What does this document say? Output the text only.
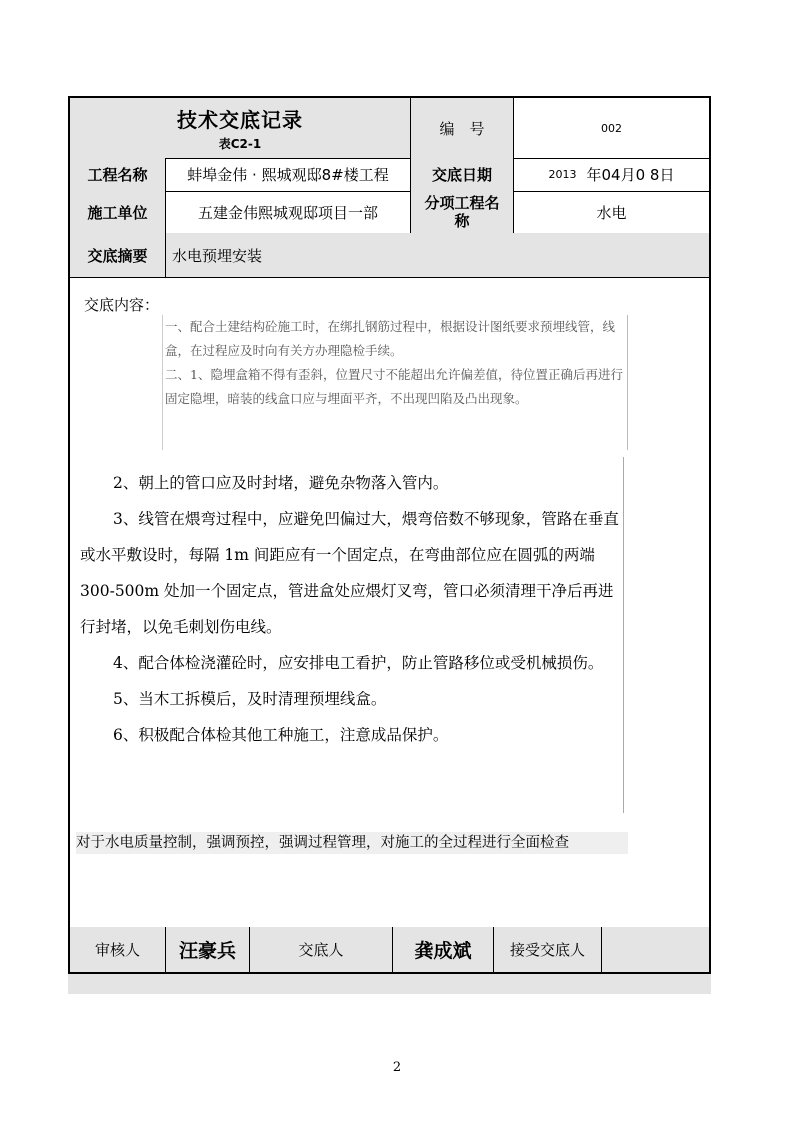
技术交底记录
表C2-1
编　号	002
工程名称	蚌埠金伟 · 熙城观邸8#楼工程	交底日期	2013 年04月0 8日
施工单位	五建金伟熙城观邸项目一部
分项工程名称	水电
交底摘要 水电预埋安装
交底内容：

一、配合土建结构砼施工时，在绑扎钢筋过程中，根据设计图纸要求预埋线管，线盒，在过程应及时向有关方办理隐检手续。

二、1、隐埋盒箱不得有歪斜，位置尺寸不能超出允许偏差值，待位置正确后再进行固定隐埋，暗装的线盒口应与埋面平齐，不出现凹陷及凸出现象。

2、朝上的管口应及时封堵，避免杂物落入管内。

3、线管在煨弯过程中，应避免凹偏过大，煨弯倍数不够现象，管路在垂直或水平敷设时，每隔 1m 间距应有一个固定点，在弯曲部位应在圆弧的两端 300-500m 处加一个固定点，管进盒处应煨灯叉弯，管口必须清理干净后再进行封堵，以免毛刺划伤电线。

4、配合体检浇灌砼时，应安排电工看护，防止管路移位或受机械损伤。

5、当木工拆模后，及时清理预埋线盒。

6、积极配合体检其他工种施工，注意成品保护。

对于水电质量控制，强调预控，强调过程管理，对施工的全过程进行全面检查
审核人 汪豪兵	交底人	龚成斌	接受交底人
2
